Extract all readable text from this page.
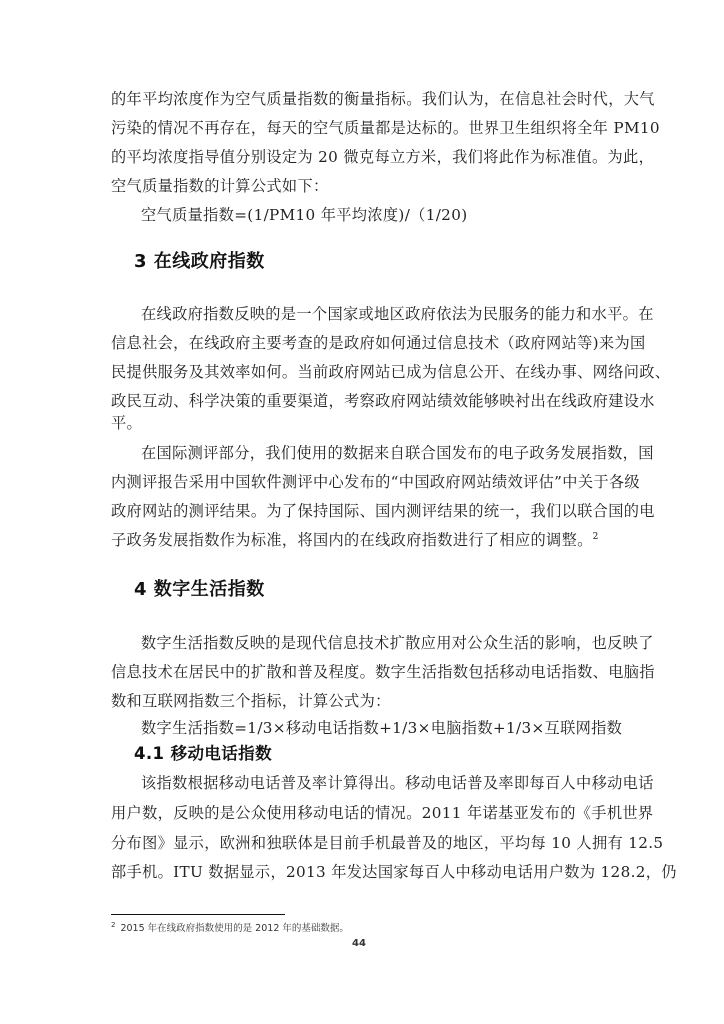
的年平均浓度作为空气质量指数的衡量指标。我们认为，在信息社会时代，大气
污染的情况不再存在，每天的空气质量都是达标的。世界卫生组织将全年 PM10
的平均浓度指导值分别设定为 20 微克每立方米，我们将此作为标准值。为此，
空气质量指数的计算公式如下：
空气质量指数=(1/PM10 年平均浓度)/（1/20)
3 在线政府指数
在线政府指数反映的是一个国家或地区政府依法为民服务的能力和水平。在
信息社会，在线政府主要考查的是政府如何通过信息技术（政府网站等)来为国
民提供服务及其效率如何。当前政府网站已成为信息公开、在线办事、网络问政、
政民互动、科学决策的重要渠道，考察政府网站绩效能够映衬出在线政府建设水
平。
在国际测评部分，我们使用的数据来自联合国发布的电子政务发展指数，国
内测评报告采用中国软件测评中心发布的“中国政府网站绩效评估”中关于各级
政府网站的测评结果。为了保持国际、国内测评结果的统一，我们以联合国的电
子政务发展指数作为标准，将国内的在线政府指数进行了相应的调整。$^2$
4 数字生活指数
数字生活指数反映的是现代信息技术扩散应用对公众生活的影响，也反映了
信息技术在居民中的扩散和普及程度。数字生活指数包括移动电话指数、电脑指
数和互联网指数三个指标，计算公式为：
数字生活指数=1/3×移动电话指数+1/3×电脑指数+1/3×互联网指数
4.1 移动电话指数
该指数根据移动电话普及率计算得出。移动电话普及率即每百人中移动电话
用户数，反映的是公众使用移动电话的情况。2011 年诺基亚发布的《手机世界
分布图》显示，欧洲和独联体是目前手机最普及的地区，平均每 10 人拥有 12.5
部手机。ITU 数据显示，2013 年发达国家每百人中移动电话用户数为 128.2，仍
$^2$ 2015 年在线政府指数使用的是 2012 年的基础数据。
44
